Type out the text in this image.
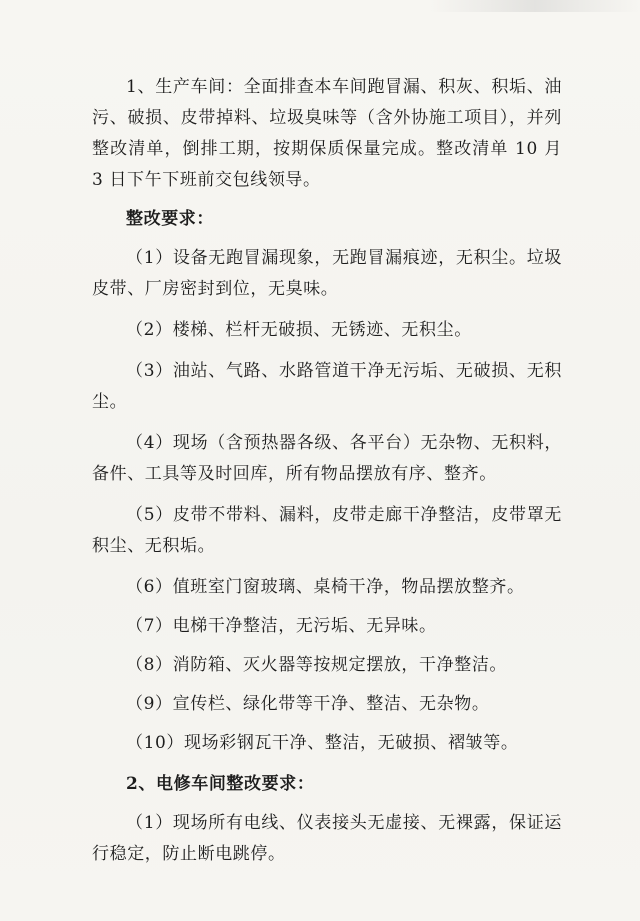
1、生产车间：全面排查本车间跑冒漏、积灰、积垢、油污、破损、皮带掉料、垃圾臭味等（含外协施工项目），并列整改清单，倒排工期，按期保质保量完成。整改清单 10 月 3 日下午下班前交包线领导。

整改要求：

（1）设备无跑冒漏现象，无跑冒漏痕迹，无积尘。垃圾皮带、厂房密封到位，无臭味。

（2）楼梯、栏杆无破损、无锈迹、无积尘。

（3）油站、气路、水路管道干净无污垢、无破损、无积尘。

（4）现场（含预热器各级、各平台）无杂物、无积料，备件、工具等及时回库，所有物品摆放有序、整齐。

（5）皮带不带料、漏料，皮带走廊干净整洁，皮带罩无积尘、无积垢。

（6）值班室门窗玻璃、桌椅干净，物品摆放整齐。

（7）电梯干净整洁，无污垢、无异味。

（8）消防箱、灭火器等按规定摆放，干净整洁。

（9）宣传栏、绿化带等干净、整洁、无杂物。

（10）现场彩钢瓦干净、整洁，无破损、褶皱等。

2、电修车间整改要求：

（1）现场所有电线、仪表接头无虚接、无裸露，保证运行稳定，防止断电跳停。
